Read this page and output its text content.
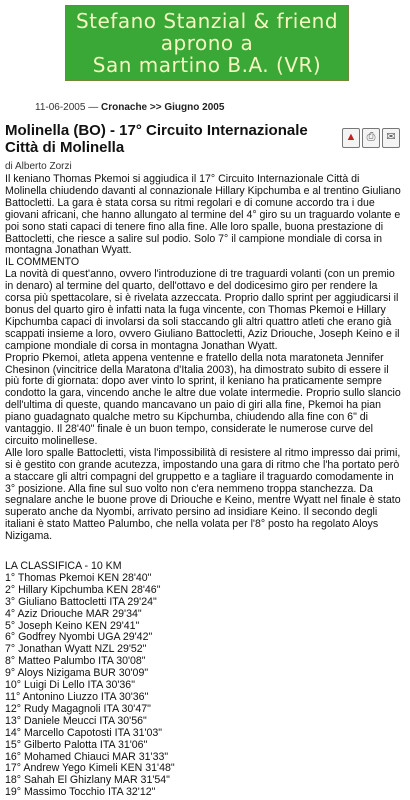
Stefano Stanzial & friend
aprono a
San martino B.A. (VR)
11-06-2005 — Cronache >> Giugno 2005
Molinella (BO) - 17° Circuito Internazionale Città di Molinella
▲ ⎙ ✉
di Alberto Zorzi

Il keniano Thomas Pkemoi si aggiudica il 17° Circuito Internazionale Città di Molinella chiudendo davanti al connazionale Hillary Kipchumba e al trentino Giuliano Battocletti. La gara è stata corsa su ritmi regolari e di comune accordo tra i due giovani africani, che hanno allungato al termine del 4° giro su un traguardo volante e poi sono stati capaci di tenere fino alla fine. Alle loro spalle, buona prestazione di Battocletti, che riesce a salire sul podio. Solo 7° il campione mondiale di corsa in montagna Jonathan Wyatt.

IL COMMENTO

La novità di quest'anno, ovvero l'introduzione di tre traguardi volanti (con un premio in denaro) al termine del quarto, dell'ottavo e del dodicesimo giro per rendere la corsa più spettacolare, si è rivelata azzeccata. Proprio dallo sprint per aggiudicarsi il bonus del quarto giro è infatti nata la fuga vincente, con Thomas Pkemoi e Hillary Kipchumba capaci di involarsi da soli staccando gli altri quattro atleti che erano già scappati insieme a loro, ovvero Giuliano Battocletti, Aziz Driouche, Joseph Keino e il campione mondiale di corsa in montagna Jonathan Wyatt.

Proprio Pkemoi, atleta appena ventenne e fratello della nota maratoneta Jennifer Chesinon (vincitrice della Maratona d'Italia 2003), ha dimostrato subito di essere il più forte di giornata: dopo aver vinto lo sprint, il keniano ha praticamente sempre condotto la gara, vincendo anche le altre due volate intermedie. Proprio sullo slancio dell'ultima di queste, quando mancavano un paio di giri alla fine, Pkemoi ha pian piano guadagnato qualche metro su Kipchumba, chiudendo alla fine con 6" di vantaggio. Il 28'40" finale è un buon tempo, considerate le numerose curve del circuito molinellese.

Alle loro spalle Battocletti, vista l'impossibilità di resistere al ritmo impresso dai primi, si è gestito con grande acutezza, impostando una gara di ritmo che l'ha portato però a staccare gli altri compagni del gruppetto e a tagliare il traguardo comodamente in 3° posizione. Alla fine sul suo volto non c'era nemmeno troppa stanchezza. Da segnalare anche le buone prove di Driouche e Keino, mentre Wyatt nel finale è stato superato anche da Nyombi, arrivato persino ad insidiare Keino. Il secondo degli italiani è stato Matteo Palumbo, che nella volata per l'8° posto ha regolato Aloys Nizigama.

LA CLASSIFICA - 10 KM
1° Thomas Pkemoi KEN 28'40"
2° Hillary Kipchumba KEN 28'46"
3° Giuliano Battocletti ITA 29'24"
4° Aziz Driouche MAR 29'34"
5° Joseph Keino KEN 29'41"
6° Godfrey Nyombi UGA 29'42"
7° Jonathan Wyatt NZL 29'52"
8° Matteo Palumbo ITA 30'08"
9° Aloys Nizigama BUR 30'09"
10° Luigi Di Lello ITA 30'36"
11° Antonino Liuzzo ITA 30'36"
12° Rudy Magagnoli ITA 30'47"
13° Daniele Meucci ITA 30'56"
14° Marcello Capotosti ITA 31'03"
15° Gilberto Palotta ITA 31'06"
16° Mohamed Chiauci MAR 31'33"
17° Andrew Yego Kimeli KEN 31'48"
18° Sahah El Ghizlany MAR 31'54"
19° Massimo Tocchio ITA 32'12"
